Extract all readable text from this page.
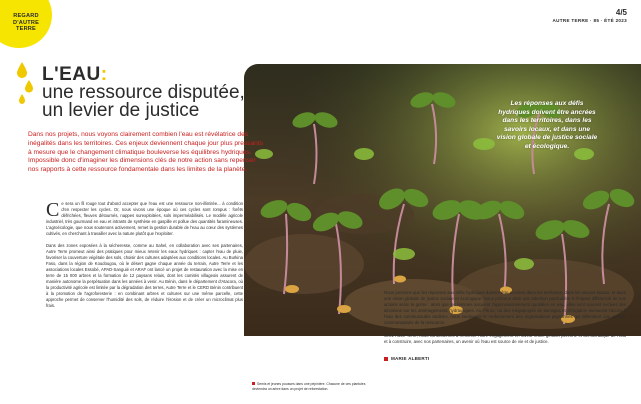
REGARD
D'AUTRE
TERRE
4/5
AUTRE TERRE · 85 · ÉTÉ 2023
L'EAU:
une ressource disputée,
un levier de justice

Dans nos projets, nous voyons clairement combien l'eau est révélatrice des inégalités dans les territoires. Ces enjeux deviennent chaque jour plus pressants à mesure que le changement climatique bouleverse les équilibres hydriques. Impossible donc d'imaginer les dimensions clés de notre action sans repenser nos rapports à cette ressource fondamentale dans les limites de la planète.

Ce sera un fil rouge tout d'abord accepter que l'eau est une ressource non-illimitée... à condition d'en respecter les cycles. Or, nous vivons une époque où ces cycles sont rompus : forêts défrichées, fleuves détournés, nappes surexploitées, sols imperméabilisés. Le modèle agricole industriel, très gourmand en eau et intrants de synthèse en gaspille et pollue des quantités faramineuses. L'agroécologie, que nous soutenons activement, remet la gestion durable de l'eau au cœur des systèmes cultivés, en cherchant à travailler avec la nature plutôt que l'exploiter.

Dans des zones exposées à la sécheresse, comme au Sahel, en collaboration avec ses partenaires, Autre Terre promeut ainsi des pratiques pour mieux retenir les eaux hydriques : capter l'eau de pluie, favoriser la couverture végétale des sols, choisir des cultures adaptées aux conditions locales. Au Burkina Faso, dans la région de Koudougou, où le désert gagne chaque année du terrain, Autre Terre et les associations locales Essobé, APAD-Sanguié et ARAF ont lancé un projet de restauration avec la mise en terre de 15 000 arbres et la formation de 12 paysans relais, dont les comités villageois assurent de manière autonome la perpétuation dans les années à venir. Au Bénin, dans le département d'Atacora, où la productivité agricole est limitée par la dégradation des terres, Autre Terre et le CERD Bénin contribuent à la promotion de l'agroforesterie : en combinant arbres et cultures sur une même parcelle, cette approche permet de conserver l'humidité des sols, de réduire l'érosion et de créer un microclimat plus frais.

Les réponses aux défis hydriques doivent être ancrées dans les territoires, dans les savoirs locaux, et dans une vision globale de justice sociale et écologique.

Nous pensons que les réponses aux défis hydriques doivent être ancrées dans les territoires, dans les savoirs locaux, et dans une vision globale de justice sociale et écologique. Nous prônons ainsi une attention particulière à l'impact différencié de nos actions selon le genre : alors que les femmes assurent l'approvisionnement quotidien en eau, elles sont souvent exclues des décisions sur les aménagements hydrauliques. Au Pérou, où des mégaprojets de barrages et d'irrigation menacent l'accès à l'eau des communautés andines, nous soutenons le renforcement des organisations paysannes qui défendent une gestion communautaire de la ressource.

Chez Autre Terre, nous continuerons à renforcer notre engagement en faveur d'une gestion pérenne et démocratique de l'eau et à construire, avec nos partenaires, un avenir où l'eau est source de vie et de justice.

MARIE ALBERTI

Semis et jeunes pousses dans une pépinière. Chacune de ces plantules deviendra un arbre dans un projet de reforestation.
